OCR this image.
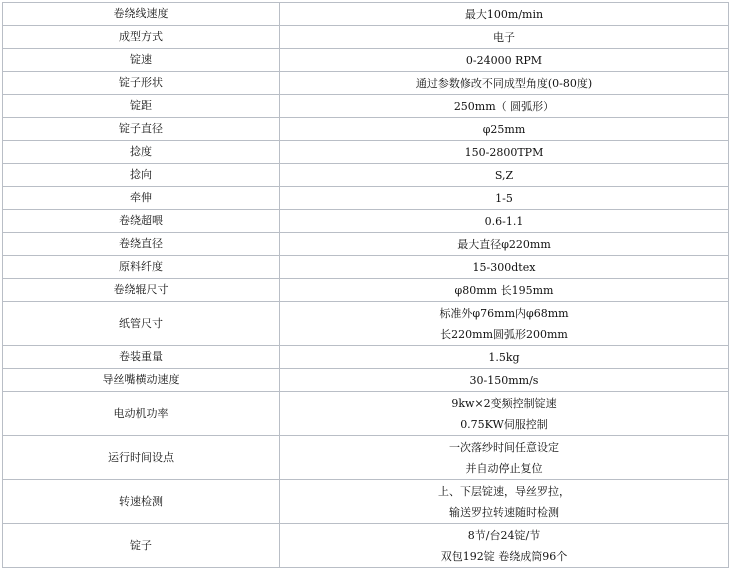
卷绕线速度	最大100m/min

成型方式	电子

锭速	0-24000 RPM

锭子形状	通过参数修改不同成型角度(0-80度)

锭距	250mm（ 圆弧形）

锭子直径	φ25mm

捻度	150-2800TPM

捻向	S,Z

牵伸	1-5

卷绕超喂	0.6-1.1

卷绕直径	最大直径φ220mm

原料纤度	15-300dtex

卷绕辊尺寸	φ80mm 长195mm

纸管尺寸	标准外φ76mm内φ68mm
长220mm圆弧形200mm

卷装重量	1.5kg

导丝嘴横动速度	30-150mm/s

电动机功率	9kw×2变频控制锭速
0.75KW伺服控制

运行时间设点	一次落纱时间任意设定
并自动停止复位

转速检测	上、下层锭速，导丝罗拉，
输送罗拉转速随时检测

锭子	8节/台24锭/节
双包192锭 卷绕成筒96个
